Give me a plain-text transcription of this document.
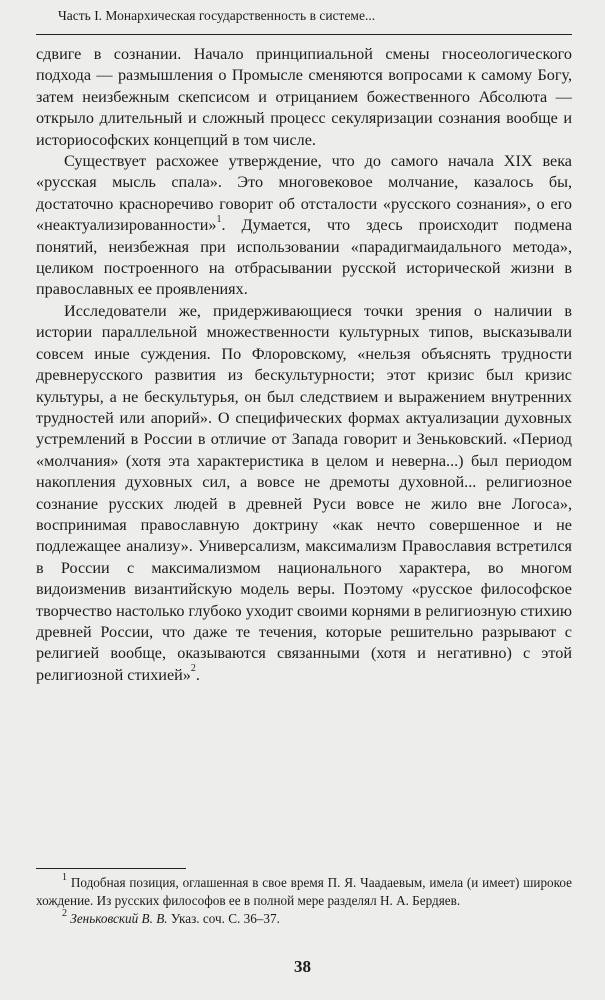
Часть I. Монархическая государственность в системе...

сдвиге в сознании. Начало принципиальной смены гносеологического подхода — размышления о Промысле сменяются вопросами к самому Богу, затем неизбежным скепсисом и отрицанием божественного Абсолюта — открыло длительный и сложный процесс секуляризации сознания вообще и историософских концепций в том числе.

Существует расхожее утверждение, что до самого начала XIX века «русская мысль спала». Это многовековое молчание, казалось бы, достаточно красноречиво говорит об отсталости «русского сознания», о его «неактуализированности»$^1$. Думается, что здесь происходит подмена понятий, неизбежная при использовании «парадигмаидального метода», целиком построенного на отбрасывании русской исторической жизни в православных ее проявлениях.

Исследователи же, придерживающиеся точки зрения о наличии в истории параллельной множественности культурных типов, высказывали совсем иные суждения. По Флоровскому, «нельзя объяснять трудности древнерусского развития из бескультурности; этот кризис был кризис культуры, а не бескультурья, он был следствием и выражением внутренних трудностей или апорий». О специфических формах актуализации духовных устремлений в России в отличие от Запада говорит и Зеньковский. «Период «молчания» (хотя эта характеристика в целом и неверна...) был периодом накопления духовных сил, а вовсе не дремоты духовной... религиозное сознание русских людей в древней Руси вовсе не жило вне Логоса», воспринимая православную доктрину «как нечто совершенное и не подлежащее анализу». Универсализм, максимализм Православия встретился в России с максимализмом национального характера, во многом видоизменив византийскую модель веры. Поэтому «русское философское творчество настолько глубоко уходит своими корнями в религиозную стихию древней России, что даже те течения, которые решительно разрывают с религией вообще, оказываются связанными (хотя и негативно) с этой религиозной стихией»$^2$.

$^1$ Подобная позиция, оглашенная в свое время П. Я. Чаадаевым, имела (и имеет) широкое хождение. Из русских философов ее в полной мере разделял Н. А. Бердяев.

$^2$ Зеньковский В. В. Указ. соч. С. 36–37.

38
